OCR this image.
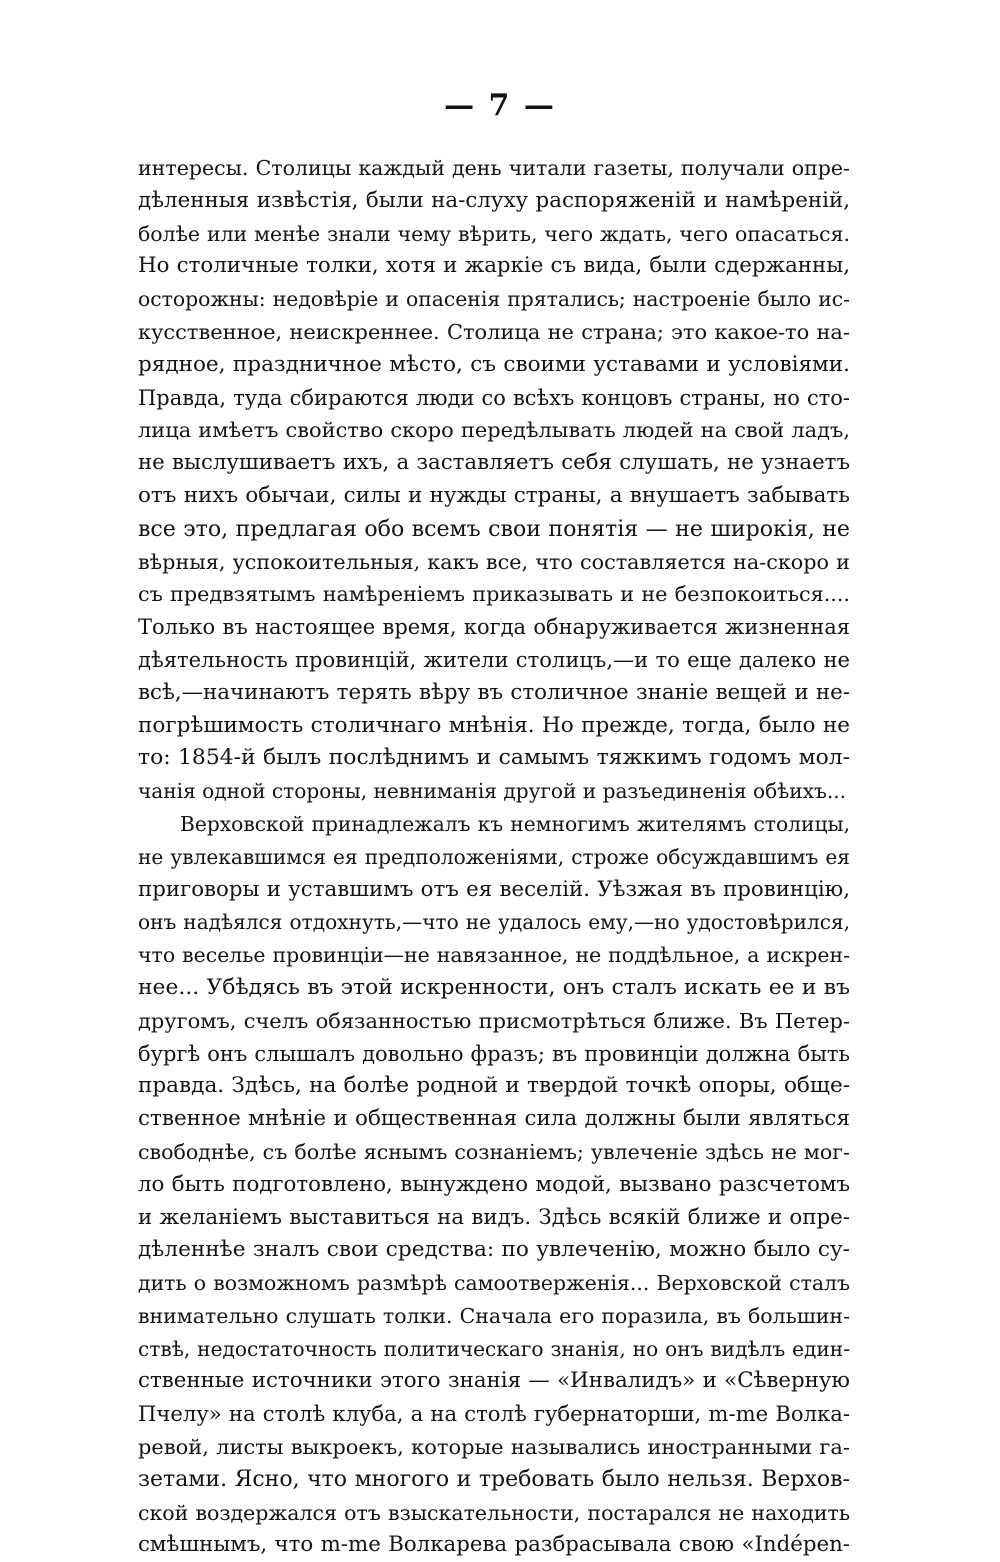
— 7 —
интересы. Столицы каждый день читали газеты, получали опре-
дѣленныя извѣстія, были на-слуху распоряженій и намѣреній,
болѣе или менѣе знали чему вѣрить, чего ждать, чего опасаться.
Но столичные толки, хотя и жаркіе съ вида, были сдержанны,
осторожны: недовѣріе и опасенія прятались; настроеніе было ис-
кусственное, неискреннее. Столица не страна; это какое-то на-
рядное, праздничное мѣсто, съ своими уставами и условіями.
Правда, туда сбираются люди со всѣхъ концовъ страны, но сто-
лица имѣетъ свойство скоро передѣлывать людей на свой ладъ,
не выслушиваетъ ихъ, а заставляетъ себя слушать, не узнаетъ
отъ нихъ обычаи, силы и нужды страны, а внушаетъ забывать
все это, предлагая обо всемъ свои понятія — не широкія, не
вѣрныя, успокоительныя, какъ все, что составляется на-скоро и
съ предвзятымъ намѣреніемъ приказывать и не безпокоиться....
Только въ настоящее время, когда обнаруживается жизненная
дѣятельность провинцій, жители столицъ,—и то еще далеко не
всѣ,—начинаютъ терять вѣру въ столичное знаніе вещей и не-
погрѣшимость столичнаго мнѣнія. Но прежде, тогда, было не
то: 1854-й былъ послѣднимъ и самымъ тяжкимъ годомъ мол-
чанія одной стороны, невниманія другой и разъединенія обѣихъ...
Верховской принадлежалъ къ немногимъ жителямъ столицы,
не увлекавшимся ея предположеніями, строже обсуждавшимъ ея
приговоры и уставшимъ отъ ея веселій. Уѣзжая въ провинцію,
онъ надѣялся отдохнуть,—что не удалось ему,—но удостовѣрился,
что веселье провинціи—не навязанное, не поддѣльное, а искрен-
нее... Убѣдясь въ этой искренности, онъ сталъ искать ее и въ
другомъ, счелъ обязанностью присмотрѣться ближе. Въ Петер-
бургѣ онъ слышалъ довольно фразъ; въ провинціи должна быть
правда. Здѣсь, на болѣе родной и твердой точкѣ опоры, обще-
ственное мнѣніе и общественная сила должны были являться
свободнѣе, съ болѣе яснымъ сознаніемъ; увлеченіе здѣсь не мог-
ло быть подготовлено, вынуждено модой, вызвано разсчетомъ
и желаніемъ выставиться на видъ. Здѣсь всякій ближе и опре-
дѣленнѣе зналъ свои средства: по увлеченію, можно было су-
дить о возможномъ размѣрѣ самоотверженія... Верховской сталъ
внимательно слушать толки. Сначала его поразила, въ большин-
ствѣ, недостаточность политическаго знанія, но онъ видѣлъ един-
ственные источники этого знанія — «Инвалидъ» и «Сѣверную
Пчелу» на столѣ клуба, а на столѣ губернаторши, m-me Волка-
ревой, листы выкроекъ, которые назывались иностранными га-
зетами. Ясно, что многого и требовать было нельзя. Верхов-
ской воздержался отъ взыскательности, постарался не находить
смѣшнымъ, что m-me Волкарева разбрасывала свою «Indépen-
